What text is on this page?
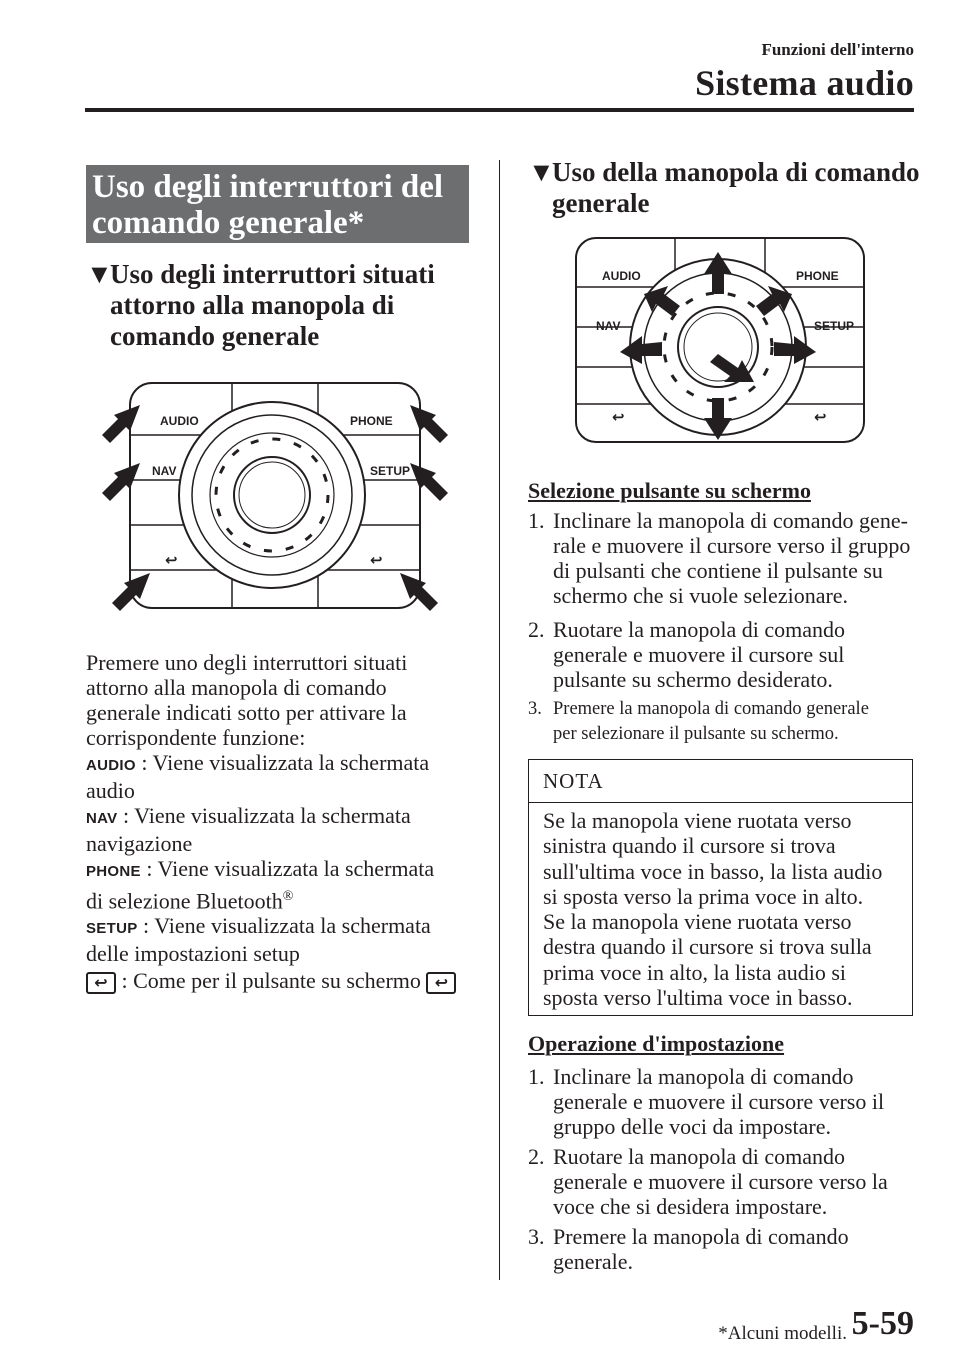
Funzioni dell'interno
Sistema audio
Uso degli interruttori del
comando generale*
▼
Uso degli interruttori situati
attorno alla manopola di
comando generale
AUDIO	PHONE
NAV	SETUP
↩	↩
Premere uno degli interruttori situati
attorno alla manopola di comando
generale indicati sotto per attivare la
corrispondente funzione:
AUDIO : Viene visualizzata la schermata
audio
NAV : Viene visualizzata la schermata
navigazione
PHONE : Viene visualizzata la schermata
di selezione Bluetooth®
SETUP : Viene visualizzata la schermata
delle impostazioni setup
↩ : Come per il pulsante su schermo ↩
▼
Uso della manopola di comando
generale
AUDIO	PHONE
NAV	SETUP
↩	↩
Selezione pulsante su schermo
1. Inclinare la manopola di comando gene-
rale e muovere il cursore verso il gruppo
di pulsanti che contiene il pulsante su
schermo che si vuole selezionare.
2. Ruotare la manopola di comando
generale e muovere il cursore sul
pulsante su schermo desiderato.
3. Premere la manopola di comando generale
per selezionare il pulsante su schermo.
NOTA
Se la manopola viene ruotata verso
sinistra quando il cursore si trova
sull'ultima voce in basso, la lista audio
si sposta verso la prima voce in alto.
Se la manopola viene ruotata verso
destra quando il cursore si trova sulla
prima voce in alto, la lista audio si
sposta verso l'ultima voce in basso.
Operazione d'impostazione
1. Inclinare la manopola di comando
generale e muovere il cursore verso il
gruppo delle voci da impostare.
2. Ruotare la manopola di comando
generale e muovere il cursore verso la
voce che si desidera impostare.
3. Premere la manopola di comando
generale.
*Alcuni modelli. 5-59
